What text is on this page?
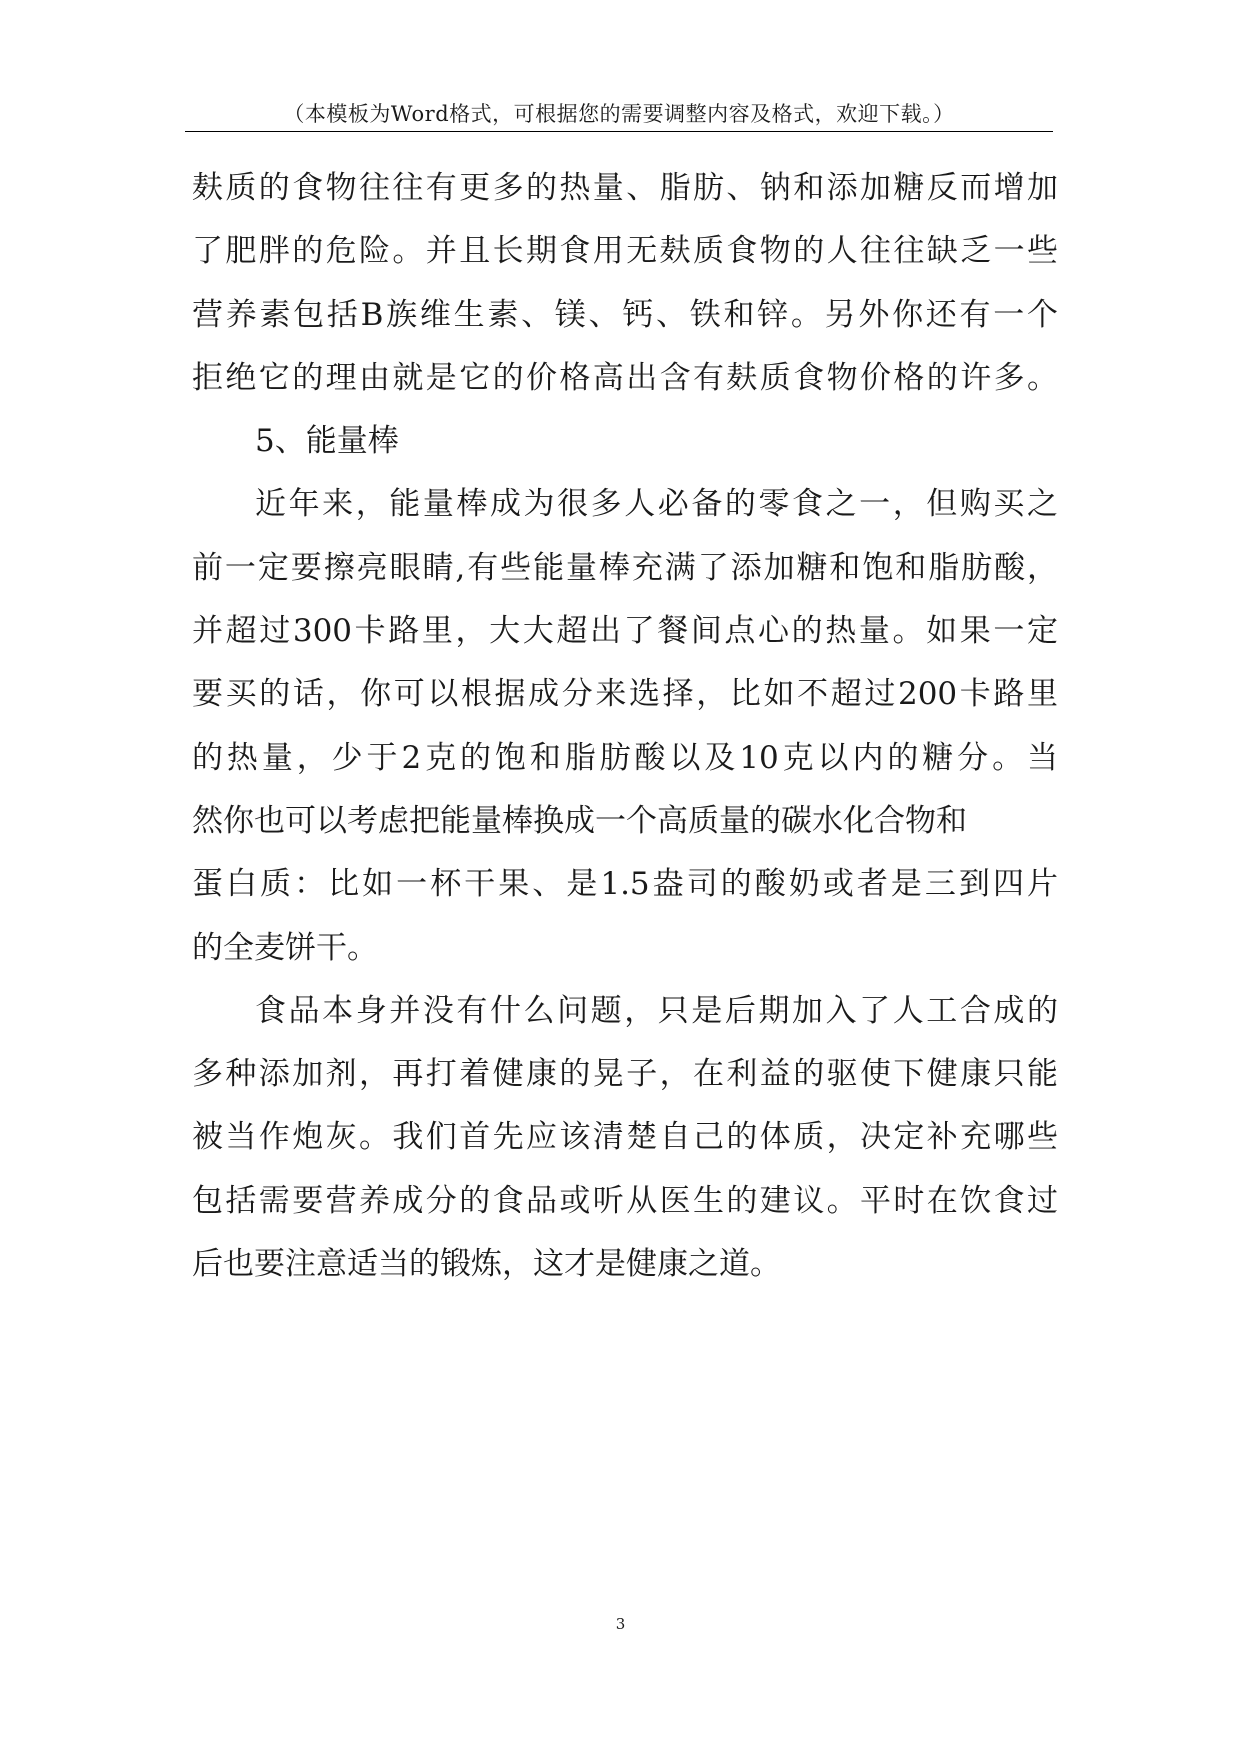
（本模板为Word格式，可根据您的需要调整内容及格式，欢迎下载。）
麸质的食物往往有更多的热量、脂肪、钠和添加糖反而增加
了肥胖的危险。并且长期食用无麸质食物的人往往缺乏一些
营养素包括B族维生素、镁、钙、铁和锌。另外你还有一个
拒绝它的理由就是它的价格高出含有麸质食物价格的许多。
5、能量棒
近年来，能量棒成为很多人必备的零食之一，但购买之
前一定要擦亮眼睛,有些能量棒充满了添加糖和饱和脂肪酸，
并超过300卡路里，大大超出了餐间点心的热量。如果一定
要买的话，你可以根据成分来选择，比如不超过200卡路里
的热量，少于2克的饱和脂肪酸以及10克以内的糖分。当
然你也可以考虑把能量棒换成一个高质量的碳水化合物和
蛋白质：比如一杯干果、是1.5盎司的酸奶或者是三到四片
的全麦饼干。
食品本身并没有什么问题，只是后期加入了人工合成的
多种添加剂，再打着健康的晃子，在利益的驱使下健康只能
被当作炮灰。我们首先应该清楚自己的体质，决定补充哪些
包括需要营养成分的食品或听从医生的建议。平时在饮食过
后也要注意适当的锻炼，这才是健康之道。
3
